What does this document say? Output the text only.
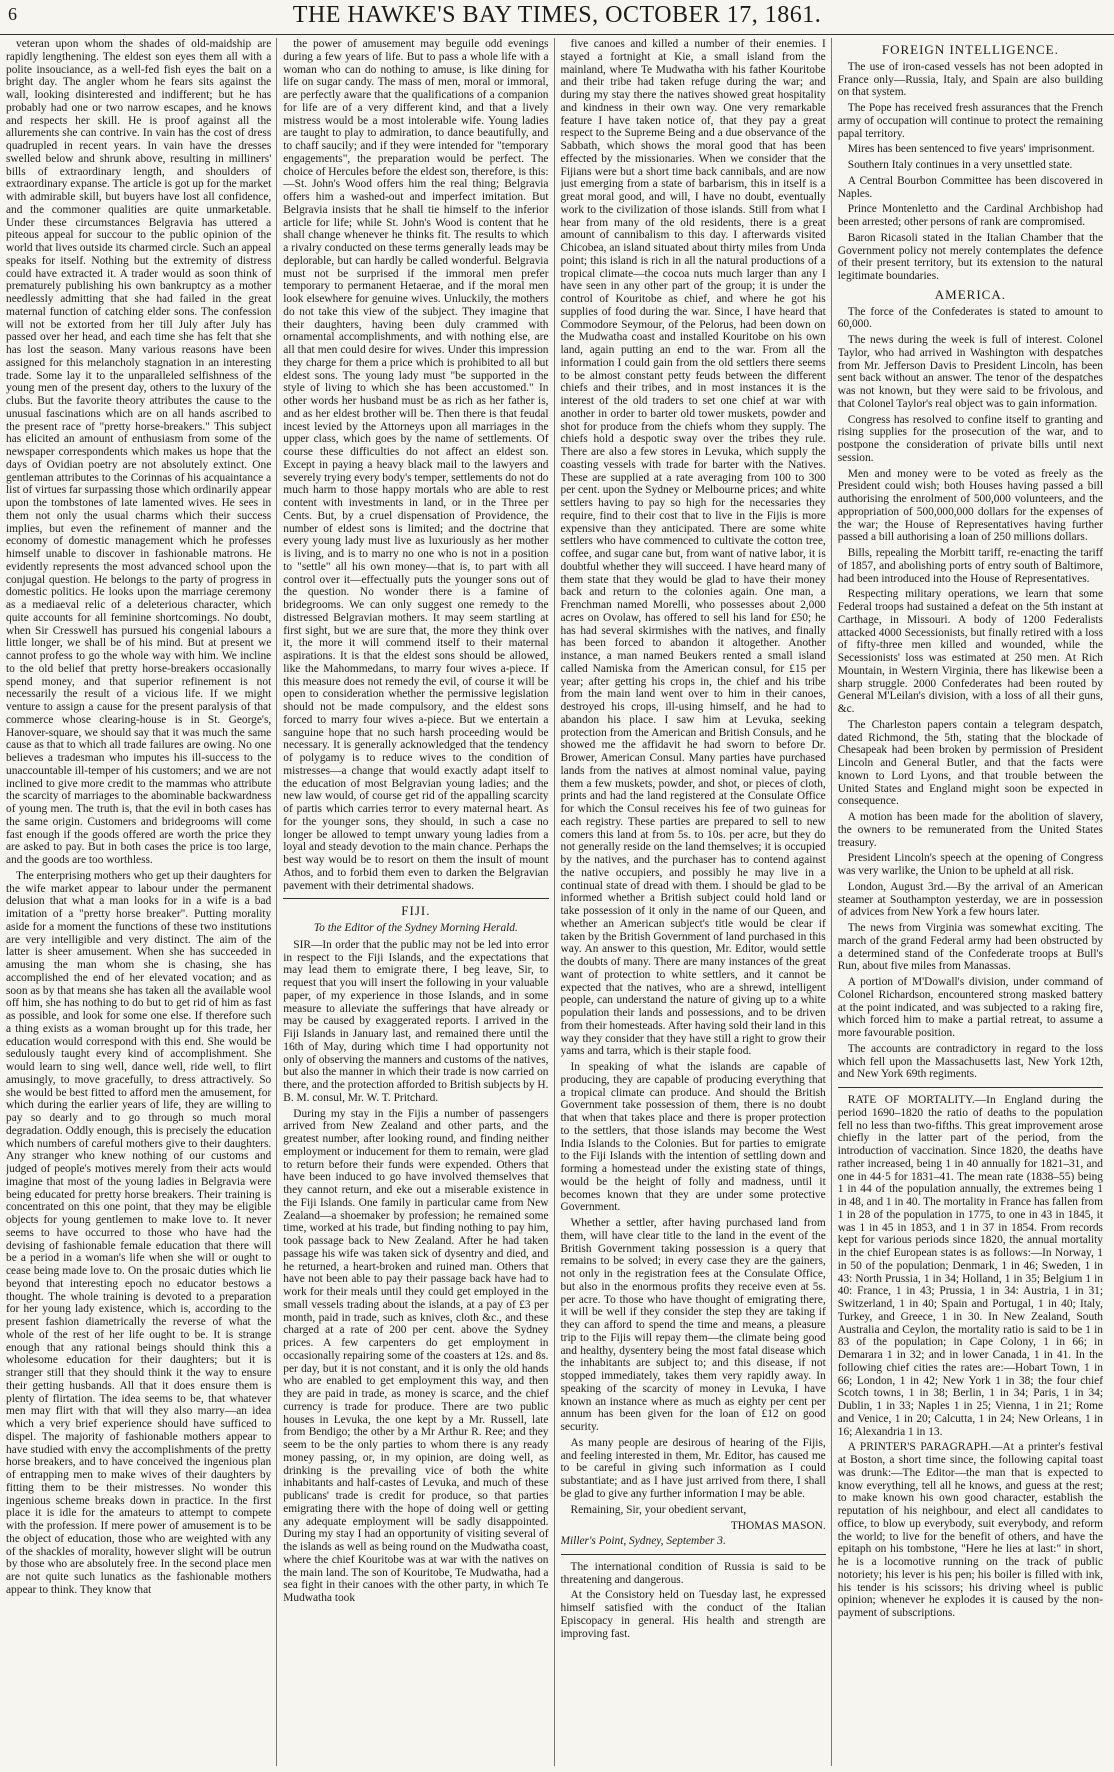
6	THE HAWKE'S BAY TIMES, OCTOBER 17, 1861.

veteran upon whom the shades of old-maidship are rapidly lengthening. The eldest son eyes them all with a polite insouciance, as a well-fed fish eyes the bait on a bright day. The angler whom he fears sits against the wall, looking disinterested and indifferent; but he has probably had one or two narrow escapes, and he knows and respects her skill. He is proof against all the allurements she can contrive. In vain has the cost of dress quadrupled in recent years. In vain have the dresses swelled below and shrunk above, resulting in milliners' bills of extraordinary length, and shoulders of extraordinary expanse. The article is got up for the market with admirable skill, but buyers have lost all confidence, and the commoner qualities are quite unmarketable. Under these circumstances Belgravia has uttered a piteous appeal for succour to the public opinion of the world that lives outside its charmed circle. Such an appeal speaks for itself. Nothing but the extremity of distress could have extracted it. A trader would as soon think of prematurely publishing his own bankruptcy as a mother needlessly admitting that she had failed in the great maternal function of catching elder sons. The confession will not be extorted from her till July after July has passed over her head, and each time she has felt that she has lost the season. Many various reasons have been assigned for this melancholy stagnation in an interesting trade. Some lay it to the unparalleled selfishness of the young men of the present day, others to the luxury of the clubs. But the favorite theory attributes the cause to the unusual fascinations which are on all hands ascribed to the present race of "pretty horse-breakers." This subject has elicited an amount of enthusiasm from some of the newspaper correspondents which makes us hope that the days of Ovidian poetry are not absolutely extinct. One gentleman attributes to the Corinnas of his acquaintance a list of virtues far surpassing those which ordinarily appear upon the tombstones of late lamented wives. He sees in them not only the usual charms which their success implies, but even the refinement of manner and the economy of domestic management which he professes himself unable to discover in fashionable matrons. He evidently represents the most advanced school upon the conjugal question. He belongs to the party of progress in domestic politics. He looks upon the marriage ceremony as a mediaeval relic of a deleterious character, which quite accounts for all feminine shortcomings. No doubt, when Sir Cresswell has pursued his congenial labours a little longer, we shall be of his mind. But at present we cannot profess to go the whole way with him. We incline to the old belief that pretty horse-breakers occasionally spend money, and that superior refinement is not necessarily the result of a vicious life. If we might venture to assign a cause for the present paralysis of that commerce whose clearing-house is in St. George's, Hanover-square, we should say that it was much the same cause as that to which all trade failures are owing. No one believes a tradesman who imputes his ill-success to the unaccountable ill-temper of his customers; and we are not inclined to give more credit to the mammas who attribute the scarcity of marriages to the abominable backwardness of young men. The truth is, that the evil in both cases has the same origin. Customers and bridegrooms will come fast enough if the goods offered are worth the price they are asked to pay. But in both cases the price is too large, and the goods are too worthless.

The enterprising mothers who get up their daughters for the wife market appear to labour under the permanent delusion that what a man looks for in a wife is a bad imitation of a "pretty horse breaker". Putting morality aside for a moment the functions of these two institutions are very intelligible and very distinct. The aim of the latter is sheer amusement. When she has succeeded in amusing the man whom she is chasing, she has accomplished the end of her elevated vocation; and as soon as by that means she has taken all the available wool off him, she has nothing to do but to get rid of him as fast as possible, and look for some one else. If therefore such a thing exists as a woman brought up for this trade, her education would correspond with this end. She would be sedulously taught every kind of accomplishment. She would learn to sing well, dance well, ride well, to flirt amusingly, to move gracefully, to dress attractively. So she would be best fitted to afford men the amusement, for which during the earlier years of life, they are willing to pay so dearly and to go through so much moral degradation. Oddly enough, this is precisely the education which numbers of careful mothers give to their daughters. Any stranger who knew nothing of our customs and judged of people's motives merely from their acts would imagine that most of the young ladies in Belgravia were being educated for pretty horse breakers. Their training is concentrated on this one point, that they may be eligible objects for young gentlemen to make love to. It never seems to have occurred to those who have had the devising of fashionable female education that there will be a period in a woman's life when she will or ought to cease being made love to. On the prosaic duties which lie beyond that interesting epoch no educator bestows a thought. The whole training is devoted to a preparation for her young lady existence, which is, according to the present fashion diametrically the reverse of what the whole of the rest of her life ought to be. It is strange enough that any rational beings should think this a wholesome education for their daughters; but it is stranger still that they should think it the way to ensure their getting husbands. All that it does ensure them is plenty of flirtation. The idea seems to be, that whatever men may flirt with that will they also marry—an idea which a very brief experience should have sufficed to dispel. The majority of fashionable mothers appear to have studied with envy the accomplishments of the pretty horse breakers, and to have conceived the ingenious plan of entrapping men to make wives of their daughters by fitting them to be their mistresses. No wonder this ingenious scheme breaks down in practice. In the first place it is idle for the amateurs to attempt to compete with the profession. If mere power of amusement is to be the object of education, those who are weighted with any of the shackles of morality, however slight will be outrun by those who are absolutely free. In the second place men are not quite such lunatics as the fashionable mothers appear to think. They know that

the power of amusement may beguile odd evenings during a few years of life. But to pass a whole life with a woman who can do nothing to amuse, is like dining for life on sugar candy. The mass of men, moral or immoral, are perfectly aware that the qualifications of a companion for life are of a very different kind, and that a lively mistress would be a most intolerable wife. Young ladies are taught to play to admiration, to dance beautifully, and to chaff saucily; and if they were intended for "temporary engagements", the preparation would be perfect. The choice of Hercules before the eldest son, therefore, is this:—St. John's Wood offers him the real thing; Belgravia offers him a washed-out and imperfect imitation. But Belgravia insists that he shall tie himself to the inferior article for life; while St. John's Wood is content that he shall change whenever he thinks fit. The results to which a rivalry conducted on these terms generally leads may be deplorable, but can hardly be called wonderful. Belgravia must not be surprised if the immoral men prefer temporary to permanent Hetaerae, and if the moral men look elsewhere for genuine wives. Unluckily, the mothers do not take this view of the subject. They imagine that their daughters, having been duly crammed with ornamental accomplishments, and with nothing else, are all that men could desire for wives. Under this impression they charge for them a price which is prohibited to all but eldest sons. The young lady must "be supported in the style of living to which she has been accustomed." In other words her husband must be as rich as her father is, and as her eldest brother will be. Then there is that feudal incest levied by the Attorneys upon all marriages in the upper class, which goes by the name of settlements. Of course these difficulties do not affect an eldest son. Except in paying a heavy black mail to the lawyers and severely trying every body's temper, settlements do not do much harm to those happy mortals who are able to rest content with investments in land, or in the Three per Cents. But, by a cruel dispensation of Providence, the number of eldest sons is limited; and the doctrine that every young lady must live as luxuriously as her mother is living, and is to marry no one who is not in a position to "settle" all his own money—that is, to part with all control over it—effectually puts the younger sons out of the question. No wonder there is a famine of bridegrooms. We can only suggest one remedy to the distressed Belgravian mothers. It may seem startling at first sight, but we are sure that, the more they think over it, the more it will commend itself to their maternal aspirations. It is that the eldest sons should be allowed, like the Mahommedans, to marry four wives a-piece. If this measure does not remedy the evil, of course it will be open to consideration whether the permissive legislation should not be made compulsory, and the eldest sons forced to marry four wives a-piece. But we entertain a sanguine hope that no such harsh proceeding would be necessary. It is generally acknowledged that the tendency of polygamy is to reduce wives to the condition of mistresses—a change that would exactly adapt itself to the education of most Belgravian young ladies; and the new law would, of course get rid of the appalling scarcity of partis which carries terror to every maternal heart. As for the younger sons, they should, in such a case no longer be allowed to tempt unwary young ladies from a loyal and steady devotion to the main chance. Perhaps the best way would be to resort on them the insult of mount Athos, and to forbid them even to darken the Belgravian pavement with their detrimental shadows.

FIJI.
To the Editor of the Sydney Morning Herald.

SIR—In order that the public may not be led into error in respect to the Fiji Islands, and the expectations that may lead them to emigrate there, I beg leave, Sir, to request that you will insert the following in your valuable paper, of my experience in those Islands, and in some measure to alleviate the sufferings that have already or may be caused by exaggerated reports. I arrived in the Fiji Islands in January last, and remained there until the 16th of May, during which time I had opportunity not only of observing the manners and customs of the natives, but also the manner in which their trade is now carried on there, and the protection afforded to British subjects by H. B. M. consul, Mr. W. T. Pritchard.

During my stay in the Fijis a number of passengers arrived from New Zealand and other parts, and the greatest number, after looking round, and finding neither employment or inducement for them to remain, were glad to return before their funds were expended. Others that have been induced to go have involved themselves that they cannot return, and eke out a miserable existence in the Fiji Islands. One family in particular came from New Zealand—a shoemaker by profession; he remained some time, worked at his trade, but finding nothing to pay him, took passage back to New Zealand. After he had taken passage his wife was taken sick of dysentry and died, and he returned, a heart-broken and ruined man. Others that have not been able to pay their passage back have had to work for their meals until they could get employed in the small vessels trading about the islands, at a pay of £3 per month, paid in trade, such as knives, cloth &c., and these charged at a rate of 200 per cent. above the Sydney prices. A few carpenters do get employment in occasionally repairing some of the coasters at 12s. and 8s. per day, but it is not constant, and it is only the old hands who are enabled to get employment this way, and then they are paid in trade, as money is scarce, and the chief currency is trade for produce. There are two public houses in Levuka, the one kept by a Mr. Russell, late from Bendigo; the other by a Mr Arthur R. Ree; and they seem to be the only parties to whom there is any ready money passing, or, in my opinion, are doing well, as drinking is the prevailing vice of both the white inhabitants and half-castes of Levuka, and much of these publicans' trade is credit for produce, so that parties emigrating there with the hope of doing well or getting any adequate employment will be sadly disappointed. During my stay I had an opportunity of visiting several of the islands as well as being round on the Mudwatha coast, where the chief Kouritobe was at war with the natives on the main land. The son of Kouritobe, Te Mudwatha, had a sea fight in their canoes with the other party, in which Te Mudwatha took

five canoes and killed a number of their enemies. I stayed a fortnight at Kie, a small island from the mainland, where Te Mudwatha with his father Kouritobe and their tribe had taken refuge during the war; and during my stay there the natives showed great hospitality and kindness in their own way. One very remarkable feature I have taken notice of, that they pay a great respect to the Supreme Being and a due observance of the Sabbath, which shows the moral good that has been effected by the missionaries. When we consider that the Fijians were but a short time back cannibals, and are now just emerging from a state of barbarism, this in itself is a great moral good, and will, I have no doubt, eventually work to the civilization of those islands. Still from what I hear from many of the old residents, there is a great amount of cannibalism to this day. I afterwards visited Chicobea, an island situated about thirty miles from Unda point; this island is rich in all the natural productions of a tropical climate—the cocoa nuts much larger than any I have seen in any other part of the group; it is under the control of Kouritobe as chief, and where he got his supplies of food during the war. Since, I have heard that Commodore Seymour, of the Pelorus, had been down on the Mudwatha coast and installed Kouritobe on his own land, again putting an end to the war. From all the information I could gain from the old settlers there seems to be almost constant petty feuds between the different chiefs and their tribes, and in most instances it is the interest of the old traders to set one chief at war with another in order to barter old tower muskets, powder and shot for produce from the chiefs whom they supply. The chiefs hold a despotic sway over the tribes they rule. There are also a few stores in Levuka, which supply the coasting vessels with trade for barter with the Natives. These are supplied at a rate averaging from 100 to 300 per cent. upon the Sydney or Melbourne prices; and white settlers having to pay so high for the necessaries they require, find to their cost that to live in the Fijis is more expensive than they anticipated. There are some white settlers who have commenced to cultivate the cotton tree, coffee, and sugar cane but, from want of native labor, it is doubtful whether they will succeed. I have heard many of them state that they would be glad to have their money back and return to the colonies again. One man, a Frenchman named Morelli, who possesses about 2,000 acres on Ovolaw, has offered to sell his land for £50; he has had several skirmishes with the natives, and finally has been forced to abandon it altogether. Another instance, a man named Beukers rented a small island called Namiska from the American consul, for £15 per year; after getting his crops in, the chief and his tribe from the main land went over to him in their canoes, destroyed his crops, ill-using himself, and he had to abandon his place. I saw him at Levuka, seeking protection from the American and British Consuls, and he showed me the affidavit he had sworn to before Dr. Brower, American Consul. Many parties have purchased lands from the natives at almost nominal value, paying them a few muskets, powder, and shot, or pieces of cloth, prints and had the land registered at the Consulate Office for which the Consul receives his fee of two guineas for each registry. These parties are prepared to sell to new comers this land at from 5s. to 10s. per acre, but they do not generally reside on the land themselves; it is occupied by the natives, and the purchaser has to contend against the native occupiers, and possibly he may live in a continual state of dread with them. I should be glad to be informed whether a British subject could hold land or take possession of it only in the name of our Queen, and whether an American subject's title would be clear if taken by the British Government of land purchased in this way. An answer to this question, Mr. Editor, would settle the doubts of many. There are many instances of the great want of protection to white settlers, and it cannot be expected that the natives, who are a shrewd, intelligent people, can understand the nature of giving up to a white population their lands and possessions, and to be driven from their homesteads. After having sold their land in this way they consider that they have still a right to grow their yams and tarra, which is their staple food.

In speaking of what the islands are capable of producing, they are capable of producing everything that a tropical climate can produce. And should the British Government take possession of them, there is no doubt that when that takes place and there is proper protection to the settlers, that those islands may become the West India Islands to the Colonies. But for parties to emigrate to the Fiji Islands with the intention of settling down and forming a homestead under the existing state of things, would be the height of folly and madness, until it becomes known that they are under some protective Government.

Whether a settler, after having purchased land from them, will have clear title to the land in the event of the British Government taking possession is a query that remains to be solved; in every case they are the gainers, not only in the registration fees at the Consulate Office, but also in the enormous profits they receive even at 5s. per acre. To those who have thought of emigrating there, it will be well if they consider the step they are taking if they can afford to spend the time and means, a pleasure trip to the Fijis will repay them—the climate being good and healthy, dysentery being the most fatal disease which the inhabitants are subject to; and this disease, if not stopped immediately, takes them very rapidly away. In speaking of the scarcity of money in Levuka, I have known an instance where as much as eighty per cent per annum has been given for the loan of £12 on good security.

As many people are desirous of hearing of the Fijis, and feeling interested in them, Mr. Editor, has caused me to be careful in giving such information as I could substantiate; and as I have just arrived from there, I shall be glad to give any further information I may be able.

Remaining, Sir, your obedient servant,

THOMAS MASON.
Miller's Point, Sydney, September 3.

The international condition of Russia is said to be threatening and dangerous.

At the Consistory held on Tuesday last, he expressed himself satisfied with the conduct of the Italian Episcopacy in general. His health and strength are improving fast.

FOREIGN INTELLIGENCE.

The use of iron-cased vessels has not been adopted in France only—Russia, Italy, and Spain are also building on that system.

The Pope has received fresh assurances that the French army of occupation will continue to protect the remaining papal territory.

Mires has been sentenced to five years' imprisonment.

Southern Italy continues in a very unsettled state.

A Central Bourbon Committee has been discovered in Naples.

Prince Montenletto and the Cardinal Archbishop had been arrested; other persons of rank are compromised.

Baron Ricasoli stated in the Italian Chamber that the Government policy not merely contemplates the defence of their present territory, but its extension to the natural legitimate boundaries.

AMERICA.

The force of the Confederates is stated to amount to 60,000.

The news during the week is full of interest. Colonel Taylor, who had arrived in Washington with despatches from Mr. Jefferson Davis to President Lincoln, has been sent back without an answer. The tenor of the despatches was not known, but they were said to be frivolous, and that Colonel Taylor's real object was to gain information.

Congress has resolved to confine itself to granting and rising supplies for the prosecution of the war, and to postpone the consideration of private bills until next session.

Men and money were to be voted as freely as the President could wish; both Houses having passed a bill authorising the enrolment of 500,000 volunteers, and the appropriation of 500,000,000 dollars for the expenses of the war; the House of Representatives having further passed a bill authorising a loan of 250 millions dollars.

Bills, repealing the Morbitt tariff, re-enacting the tariff of 1857, and abolishing ports of entry south of Baltimore, had been introduced into the House of Representatives.

Respecting military operations, we learn that some Federal troops had sustained a defeat on the 5th instant at Carthage, in Missouri. A body of 1200 Federalists attacked 4000 Secessionists, but finally retired with a loss of fifty-three men killed and wounded, while the Secessionists' loss was estimated at 250 men. At Rich Mountain, in Western Virginia, there has likewise been a sharp struggle. 2000 Confederates had been routed by General M'Leilan's division, with a loss of all their guns, &c.

The Charleston papers contain a telegram despatch, dated Richmond, the 5th, stating that the blockade of Chesapeak had been broken by permission of President Lincoln and General Butler, and that the facts were known to Lord Lyons, and that trouble between the United States and England might soon be expected in consequence.

A motion has been made for the abolition of slavery, the owners to be remunerated from the United States treasury.

President Lincoln's speech at the opening of Congress was very warlike, the Union to be upheld at all risk.

London, August 3rd.—By the arrival of an American steamer at Southampton yesterday, we are in possession of advices from New York a few hours later.

The news from Virginia was somewhat exciting. The march of the grand Federal army had been obstructed by a determined stand of the Confederate troops at Bull's Run, about five miles from Manassas.

A portion of M'Dowall's division, under command of Colonel Richardson, encountered strong masked battery at the point indicated, and was subjected to a raking fire, which forced him to make a partial retreat, to assume a more favourable position.

The accounts are contradictory in regard to the loss which fell upon the Massachusetts last, New York 12th, and New York 69th regiments.

RATE OF MORTALITY.—In England during the period 1690–1820 the ratio of deaths to the population fell no less than two-fifths. This great improvement arose chiefly in the latter part of the period, from the introduction of vaccination. Since 1820, the deaths have rather increased, being 1 in 40 annually for 1821–31, and one in 44·5 for 1831–41. The mean rate (1838–55) being 1 in 44 of the population annually, the extremes being 1 in 48, and 1 in 40. The mortality in France has fallen from 1 in 28 of the population in 1775, to one in 43 in 1845, it was 1 in 45 in 1853, and 1 in 37 in 1854. From records kept for various periods since 1820, the annual mortality in the chief European states is as follows:—In Norway, 1 in 50 of the population; Denmark, 1 in 46; Sweden, 1 in 43: North Prussia, 1 in 34; Holland, 1 in 35; Belgium 1 in 40: France, 1 in 43; Prussia, 1 in 34: Austria, 1 in 31; Switzerland, 1 in 40; Spain and Portugal, 1 in 40; Italy, Turkey, and Greece, 1 in 30. In New Zealand, South Australia and Ceylon, the mortality ratio is said to be 1 in 83 of the population; in Cape Colony, 1 in 66; in Demarara 1 in 32; and in lower Canada, 1 in 41. In the following chief cities the rates are:—Hobart Town, 1 in 66; London, 1 in 42; New York 1 in 38; the four chief Scotch towns, 1 in 38; Berlin, 1 in 34; Paris, 1 in 34; Dublin, 1 in 33; Naples 1 in 25; Vienna, 1 in 21; Rome and Venice, 1 in 20; Calcutta, 1 in 24; New Orleans, 1 in 16; Alexandria 1 in 13.

A PRINTER'S PARAGRAPH.—At a printer's festival at Boston, a short time since, the following capital toast was drunk:—The Editor—the man that is expected to know everything, tell all he knows, and guess at the rest; to make known his own good character, establish the reputation of his neighbour, and elect all candidates to office, to blow up everybody, suit everybody, and reform the world; to live for the benefit of others, and have the epitaph on his tombstone, "Here he lies at last:" in short, he is a locomotive running on the track of public notoriety; his lever is his pen; his boiler is filled with ink, his tender is his scissors; his driving wheel is public opinion; whenever he explodes it is caused by the non-payment of subscriptions.
